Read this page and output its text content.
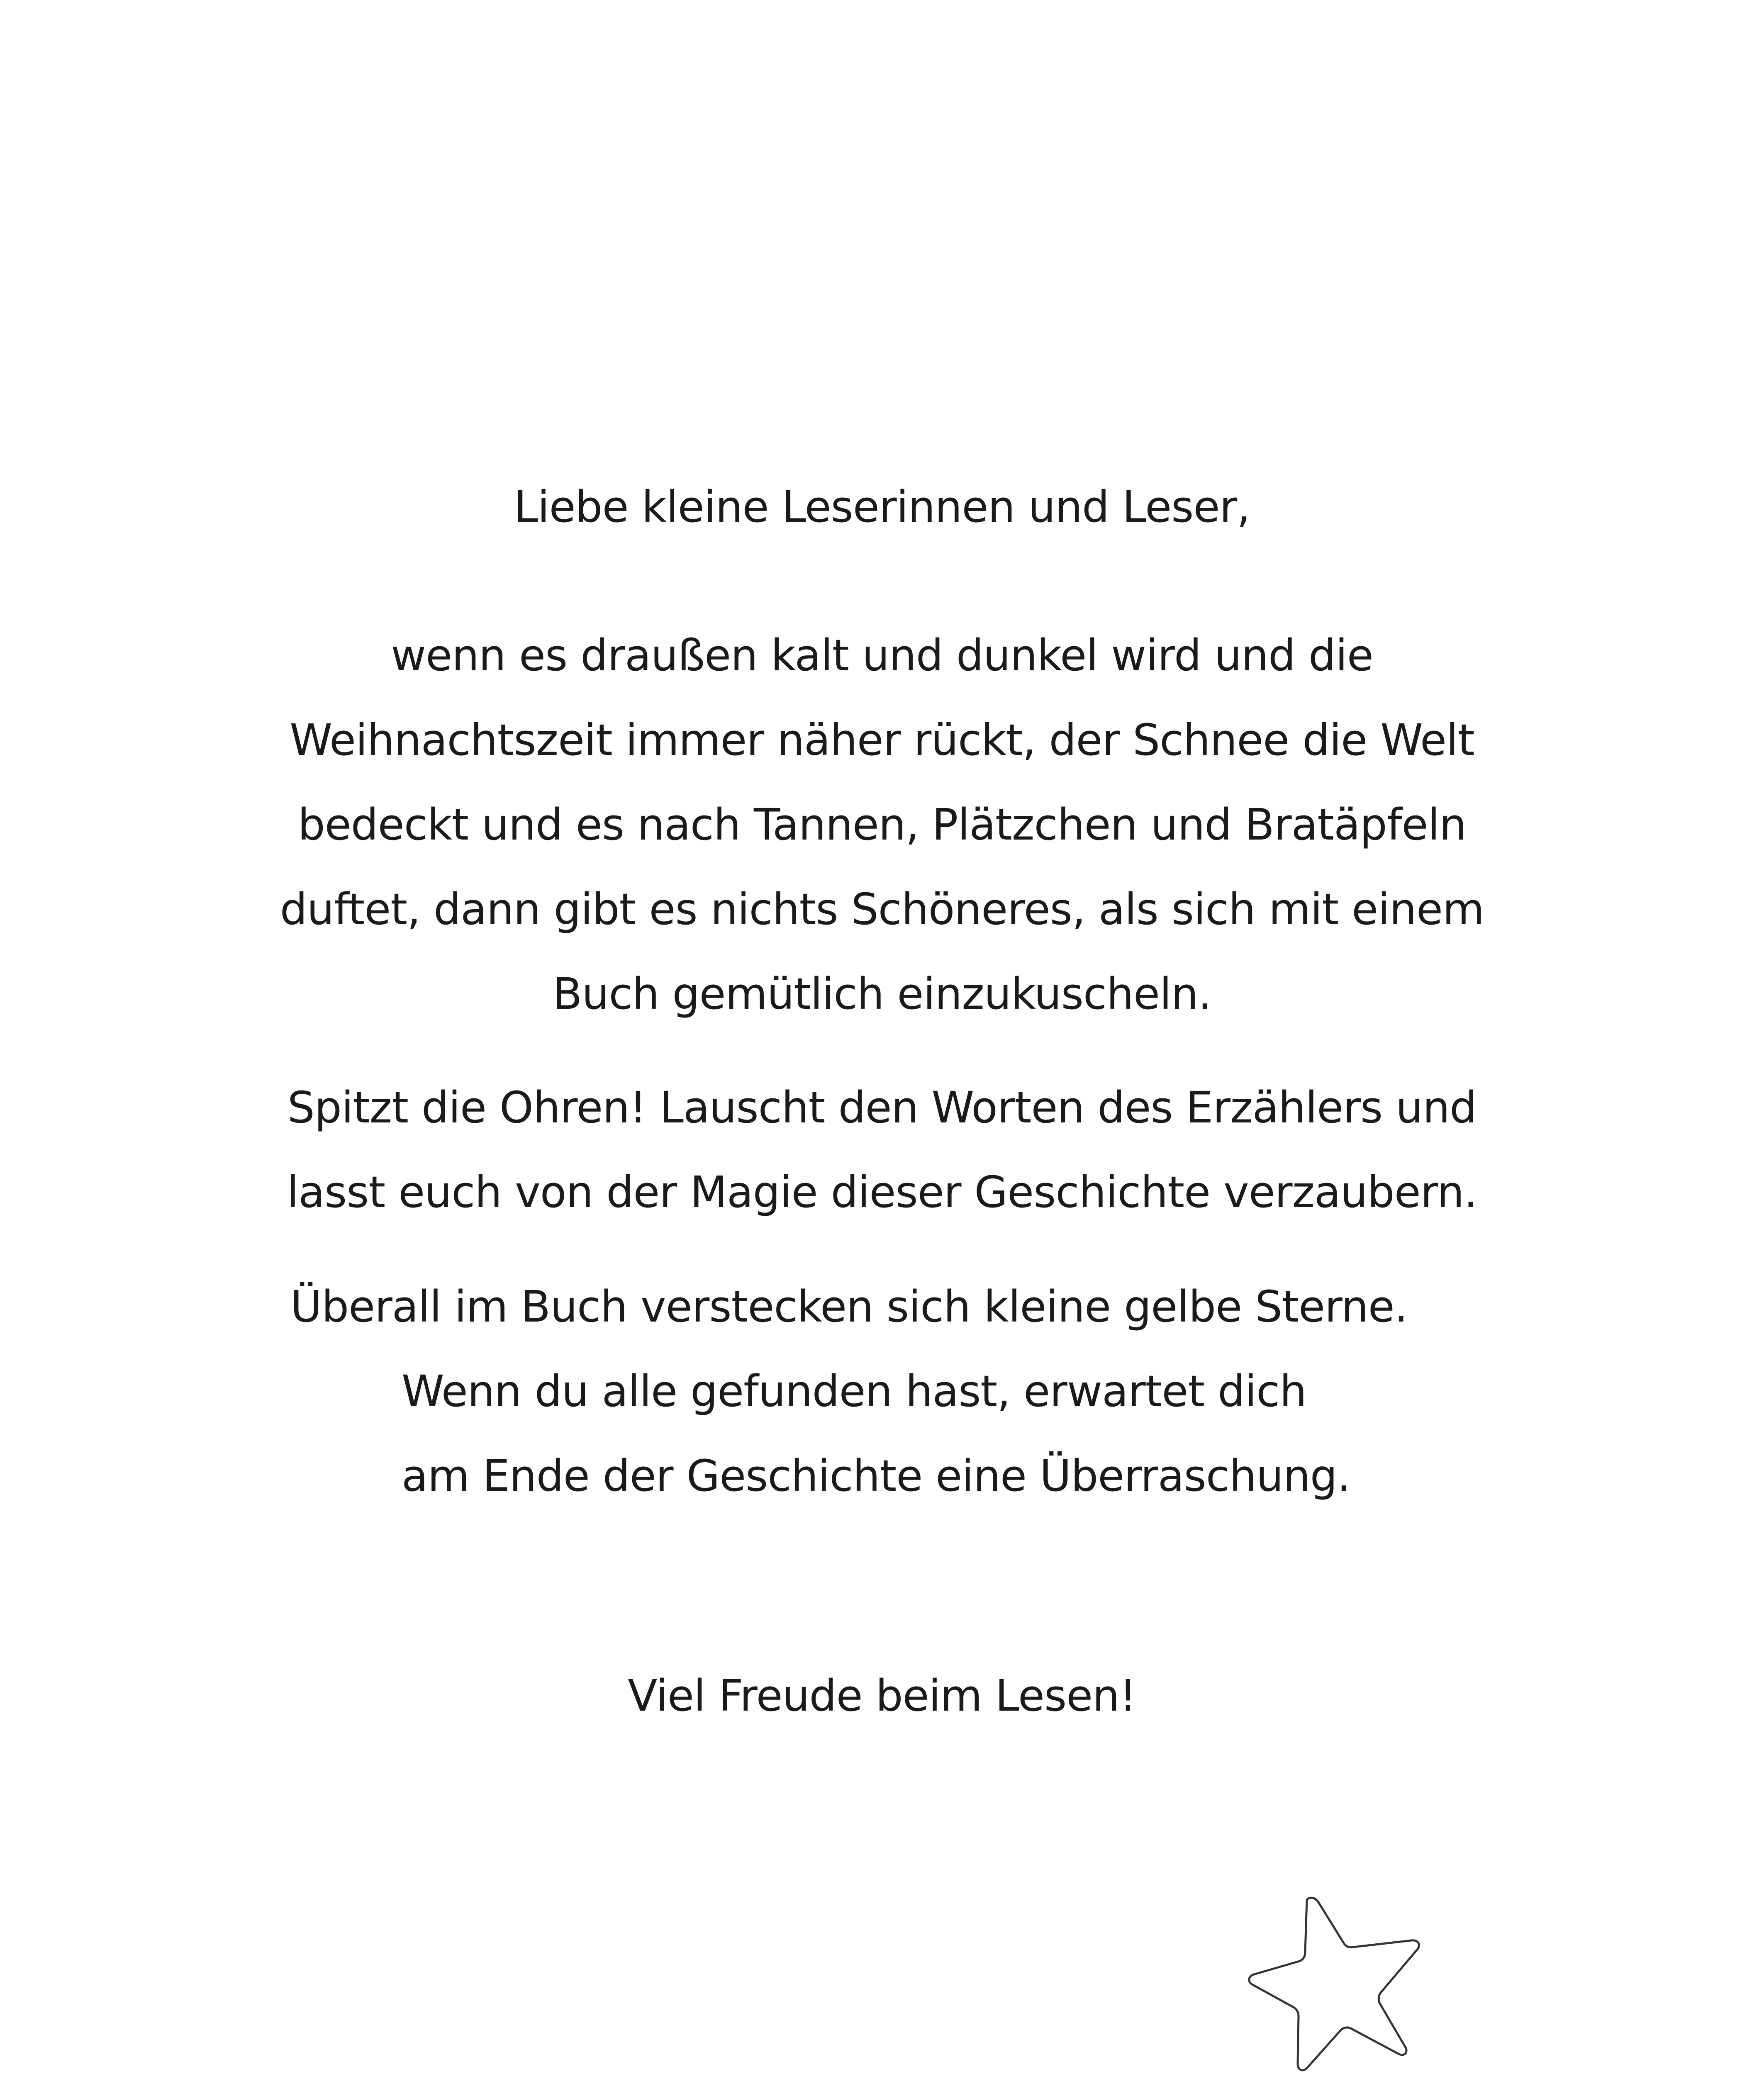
Liebe kleine Leserinnen und Leser,
wenn es draußen kalt und dunkel wird und die
Weihnachtszeit immer näher rückt, der Schnee die Welt
bedeckt und es nach Tannen, Plätzchen und Bratäpfeln
duftet, dann gibt es nichts Schöneres, als sich mit einem
Buch gemütlich einzukuscheln.
Spitzt die Ohren! Lauscht den Worten des Erzählers und
lasst euch von der Magie dieser Geschichte verzaubern.
Überall im Buch verstecken sich kleine gelbe Sterne.
Wenn du alle gefunden hast, erwartet dich
am Ende der Geschichte eine Überraschung.
Viel Freude beim Lesen!
